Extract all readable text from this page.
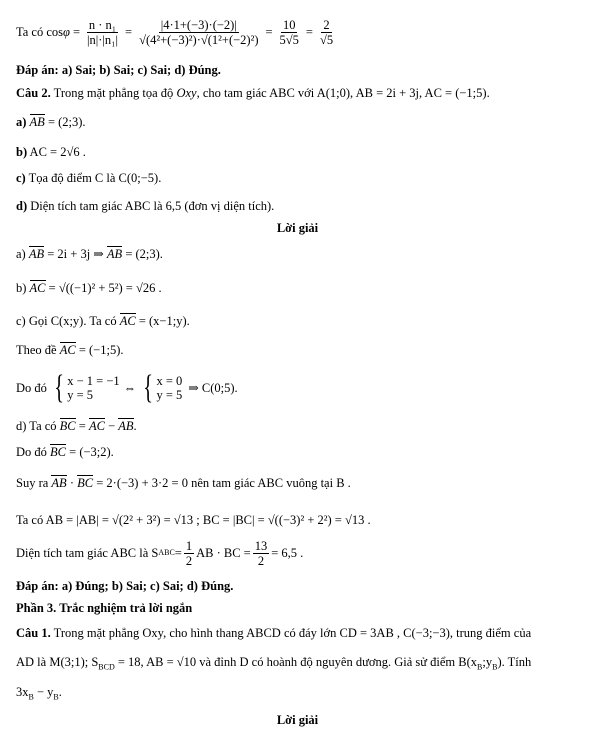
Ta có $\cos \varphi = \frac{\text{n · n₁}}{\text{|n|·|n₁|}} = \frac{|4\cdot 1+(-3)\cdot(-2)|}{\text{√(4²+(−3)²)·√(1²+(−2)²)}} = \frac{10}{5√5} = \frac{2}{√5}$
Đáp án: a) Sai; b) Sai; c) Sai; d) Đúng.
Câu 2. Trong mặt phẳng tọa độ Oxy, cho tam giác ABC với A(1;0), AB = 2i + 3j, AC = (−1;5).
a) AB = (2;3).
b) AC = 2√6 .
c) Tọa độ điểm C là C(0;−5).
d) Diện tích tam giác ABC là 6,5 (đơn vị diện tích).
Lời giải
a) AB = 2i + 3j ⇒ AB = (2;3).
b) AC = √((−1)² + 5²) = √26 .
c) Gọi C(x;y). Ta có AC = (x−1;y).
Theo đề AC = (−1;5).
Do đó { x − 1 = −1
y = 5	⇔ { x = 0
y = 5 ⇒ C(0;5).
d) Ta có BC = AC − AB.
Do đó BC = (−3;2).
Suy ra AB · BC = 2·(−3) + 3·2 = 0 nên tam giác ABC vuông tại B .
Ta có AB = |AB| = √(2² + 3²) = √13 ; BC = |BC| = √((−3)² + 2²) = √13 .
Diện tích tam giác ABC là S ABC = $\frac{1}{2}$ AB · BC = $\frac{13}{2} = 6,5$ .
Đáp án: a) Đúng; b) Sai; c) Sai; d) Đúng.
Phần 3. Trắc nghiệm trả lời ngắn
Câu 1. Trong mặt phẳng Oxy, cho hình thang ABCD có đáy lớn CD = 3AB , C(−3;−3), trung điểm của
AD là M(3;1); $S_{BCD} = 18$, AB = √10 và đỉnh D có hoành độ nguyên dương. Giả sử điểm $B(x_B;y_B)$. Tính
$3x_B - y_B$.
Lời giải
